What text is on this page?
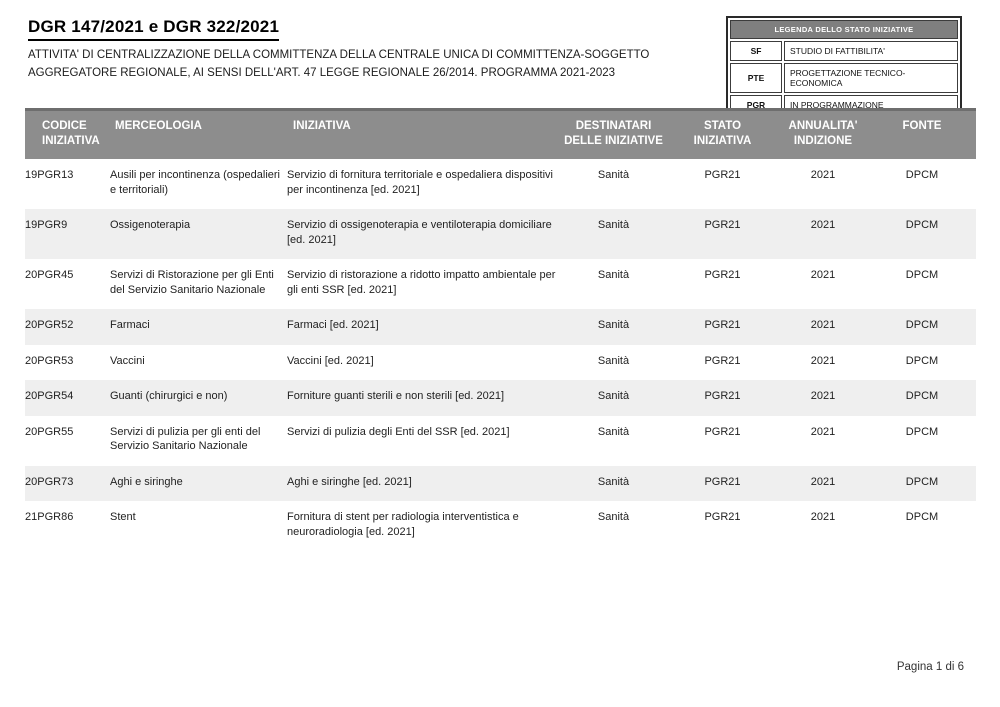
DGR 147/2021 e DGR 322/2021
ATTIVITA' DI CENTRALIZZAZIONE DELLA COMMITTENZA DELLA CENTRALE UNICA DI COMMITTENZA-SOGGETTO AGGREGATORE REGIONALE, AI SENSI DELL'ART. 47 LEGGE REGIONALE 26/2014. PROGRAMMA 2021-2023
LEGENDA DELLO STATO INIZIATIVE	
SF	STUDIO DI FATTIBILITA'
PTE	PROGETTAZIONE TECNICO-ECONOMICA
PGR	IN PROGRAMMAZIONE
CODICE INIZIATIVA	MERCEOLOGIA	INIZIATIVA	DESTINATARI DELLE INIZIATIVE	STATO INIZIATIVA	ANNUALITA' INDIZIONE	FONTE
19PGR13	Ausili per incontinenza (ospedalieri e territoriali)	Servizio di fornitura territoriale e ospedaliera dispositivi per incontinenza [ed. 2021]	Sanità	PGR21	2021	DPCM
19PGR9	Ossigenoterapia	Servizio di ossigenoterapia e ventiloterapia domiciliare [ed. 2021]	Sanità	PGR21	2021	DPCM
20PGR45	Servizi di Ristorazione per gli Enti del Servizio Sanitario Nazionale	Servizio di ristorazione a ridotto impatto ambientale per gli enti SSR [ed. 2021]	Sanità	PGR21	2021	DPCM
20PGR52	Farmaci	Farmaci [ed. 2021]	Sanità	PGR21	2021	DPCM
20PGR53	Vaccini	Vaccini [ed. 2021]	Sanità	PGR21	2021	DPCM
20PGR54	Guanti (chirurgici e non)	Forniture guanti sterili e non sterili [ed. 2021]	Sanità	PGR21	2021	DPCM
20PGR55	Servizi di pulizia per gli enti del Servizio Sanitario Nazionale	Servizi di pulizia degli Enti del SSR [ed. 2021]	Sanità	PGR21	2021	DPCM
20PGR73	Aghi e siringhe	Aghi e siringhe [ed. 2021]	Sanità	PGR21	2021	DPCM
21PGR86	Stent	Fornitura di stent per radiologia interventistica e neuroradiologia [ed. 2021]	Sanità	PGR21	2021	DPCM
Pagina 1 di 6
